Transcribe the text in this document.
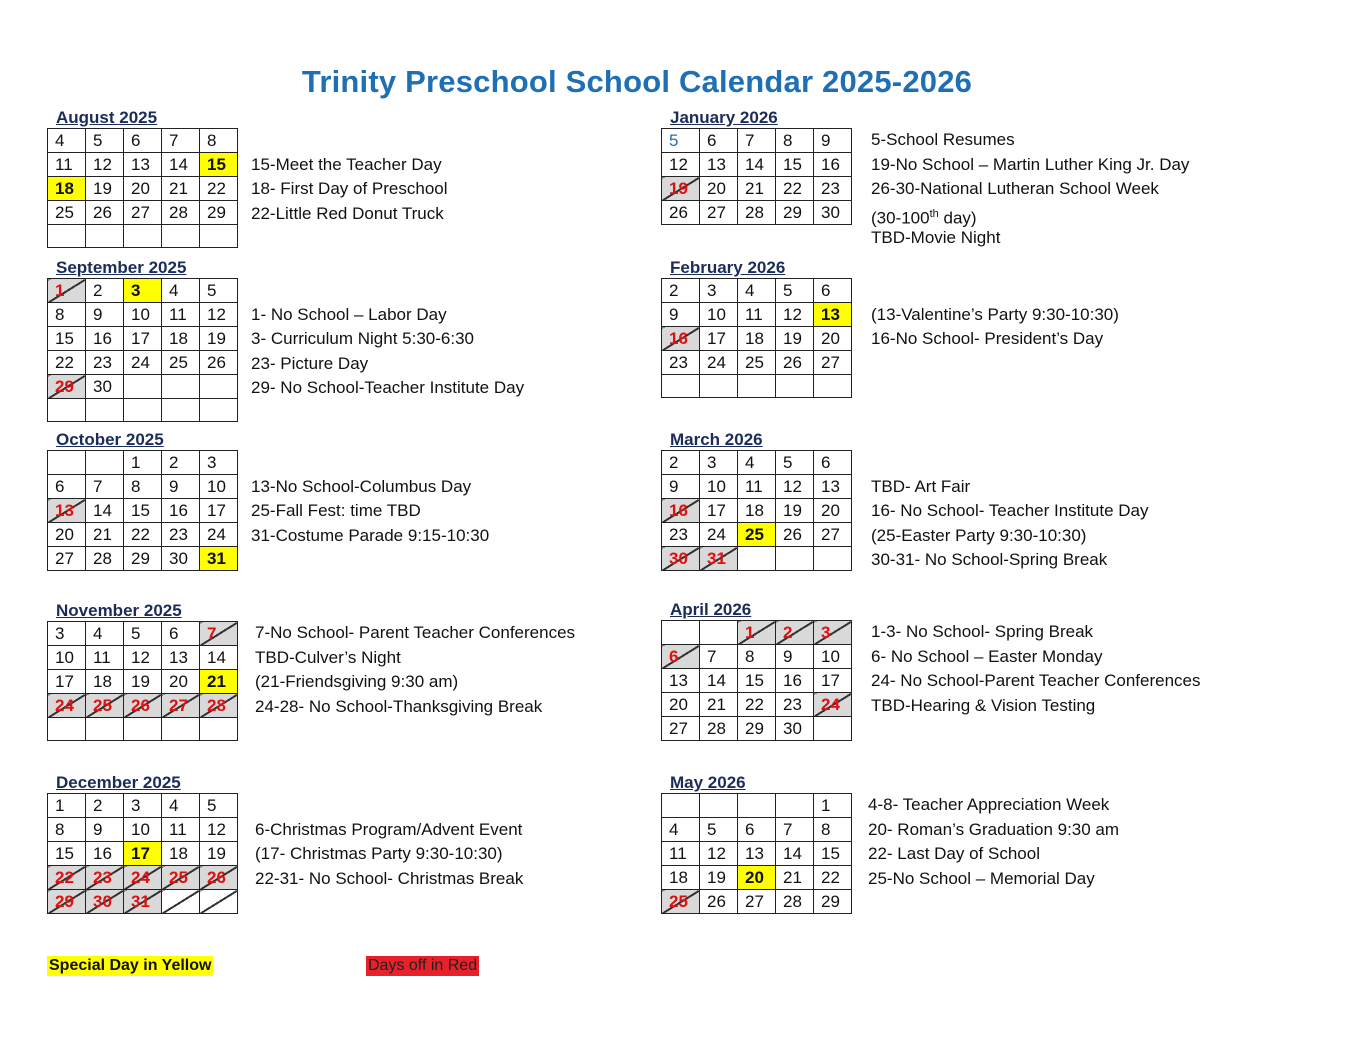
Trinity Preschool School Calendar 2025-2026
August 2025
4	5	6	7	8
11	12	13	14	15
18	19	20	21	22
25	26	27	28	29

15-Meet the Teacher Day
18- First Day of Preschool
22-Little Red Donut Truck
September 2025
1	2	3	4	5
8	9	10	11	12
15	16	17	18	19
22	23	24	25	26
29	30			

1- No School – Labor Day
3- Curriculum Night 5:30-6:30
23- Picture Day
29- No School-Teacher Institute Day
October 2025
		1	2	3
6	7	8	9	10
13	14	15	16	17
20	21	22	23	24
27	28	29	30	31
13-No School-Columbus Day
25-Fall Fest: time TBD
31-Costume Parade 9:15-10:30
November 2025
3	4	5	6	7
10	11	12	13	14
17	18	19	20	21
24	25	26	27	28

7-No School- Parent Teacher Conferences
TBD-Culver’s Night
(21-Friendsgiving 9:30 am)
24-28- No School-Thanksgiving Break
December 2025
1	2	3	4	5
8	9	10	11	12
15	16	17	18	19
22	23	24	25	26
29	30	31		
6-Christmas Program/Advent Event
(17- Christmas Party 9:30-10:30)
22-31- No School- Christmas Break
January 2026
5	6	7	8	9
12	13	14	15	16
19	20	21	22	23
26	27	28	29	30
5-School Resumes
19-No School – Martin Luther King Jr. Day
26-30-National Lutheran School Week
(30-100th day)
TBD-Movie Night
February 2026
2	3	4	5	6
9	10	11	12	13
16	17	18	19	20
23	24	25	26	27

(13-Valentine’s Party 9:30-10:30)
16-No School- President’s Day
March 2026
2	3	4	5	6
9	10	11	12	13
16	17	18	19	20
23	24	25	26	27
30	31			
TBD- Art Fair
16- No School- Teacher Institute Day
(25-Easter Party 9:30-10:30)
30-31- No School-Spring Break
April 2026
		1	2	3
6	7	8	9	10
13	14	15	16	17
20	21	22	23	24
27	28	29	30	
1-3- No School- Spring Break
6- No School – Easter Monday
24- No School-Parent Teacher Conferences
TBD-Hearing & Vision Testing
May 2026
				1
4	5	6	7	8
11	12	13	14	15
18	19	20	21	22
25	26	27	28	29
4-8- Teacher Appreciation Week
20- Roman’s Graduation 9:30 am
22- Last Day of School
25-No School – Memorial Day
Special Day in Yellow	Days off in Red
